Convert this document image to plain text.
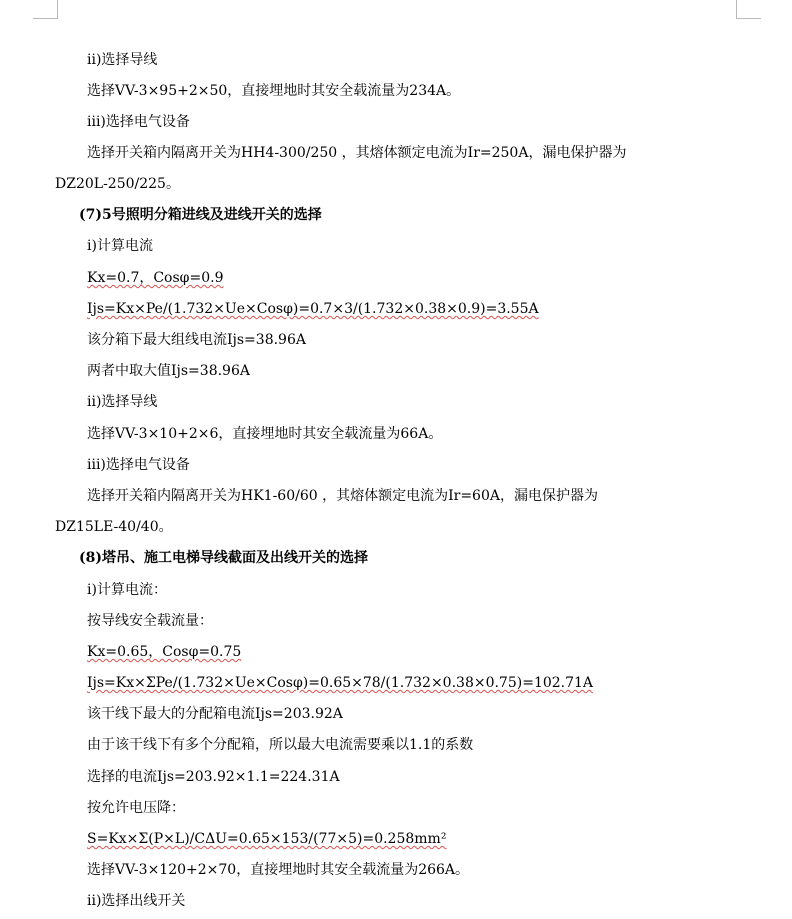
ii)选择导线
选择VV-3×95+2×50，直接埋地时其安全载流量为234A。
iii)选择电气设备
选择开关箱内隔离开关为HH4-300/250 ，其熔体额定电流为Ir=250A，漏电保护器为
DZ20L-250/225。
(7)5号照明分箱进线及进线开关的选择
i)计算电流
Kx=0.7，Cosφ=0.9
Ijs=Kx×Pe/(1.732×Ue×Cosφ)=0.7×3/(1.732×0.38×0.9)=3.55A
该分箱下最大组线电流Ijs=38.96A
两者中取大值Ijs=38.96A
ii)选择导线
选择VV-3×10+2×6，直接埋地时其安全载流量为66A。
iii)选择电气设备
选择开关箱内隔离开关为HK1-60/60 ，其熔体额定电流为Ir=60A，漏电保护器为
DZ15LE-40/40。
(8)塔吊、施工电梯导线截面及出线开关的选择
i)计算电流：
按导线安全载流量：
Kx=0.65，Cosφ=0.75
Ijs=Kx×ΣPe/(1.732×Ue×Cosφ)=0.65×78/(1.732×0.38×0.75)=102.71A
该干线下最大的分配箱电流Ijs=203.92A
由于该干线下有多个分配箱，所以最大电流需要乘以1.1的系数
选择的电流Ijs=203.92×1.1=224.31A
按允许电压降：
S=Kx×Σ(P×L)/CΔU=0.65×153/(77×5)=0.258mm²
选择VV-3×120+2×70，直接埋地时其安全载流量为266A。
ii)选择出线开关
